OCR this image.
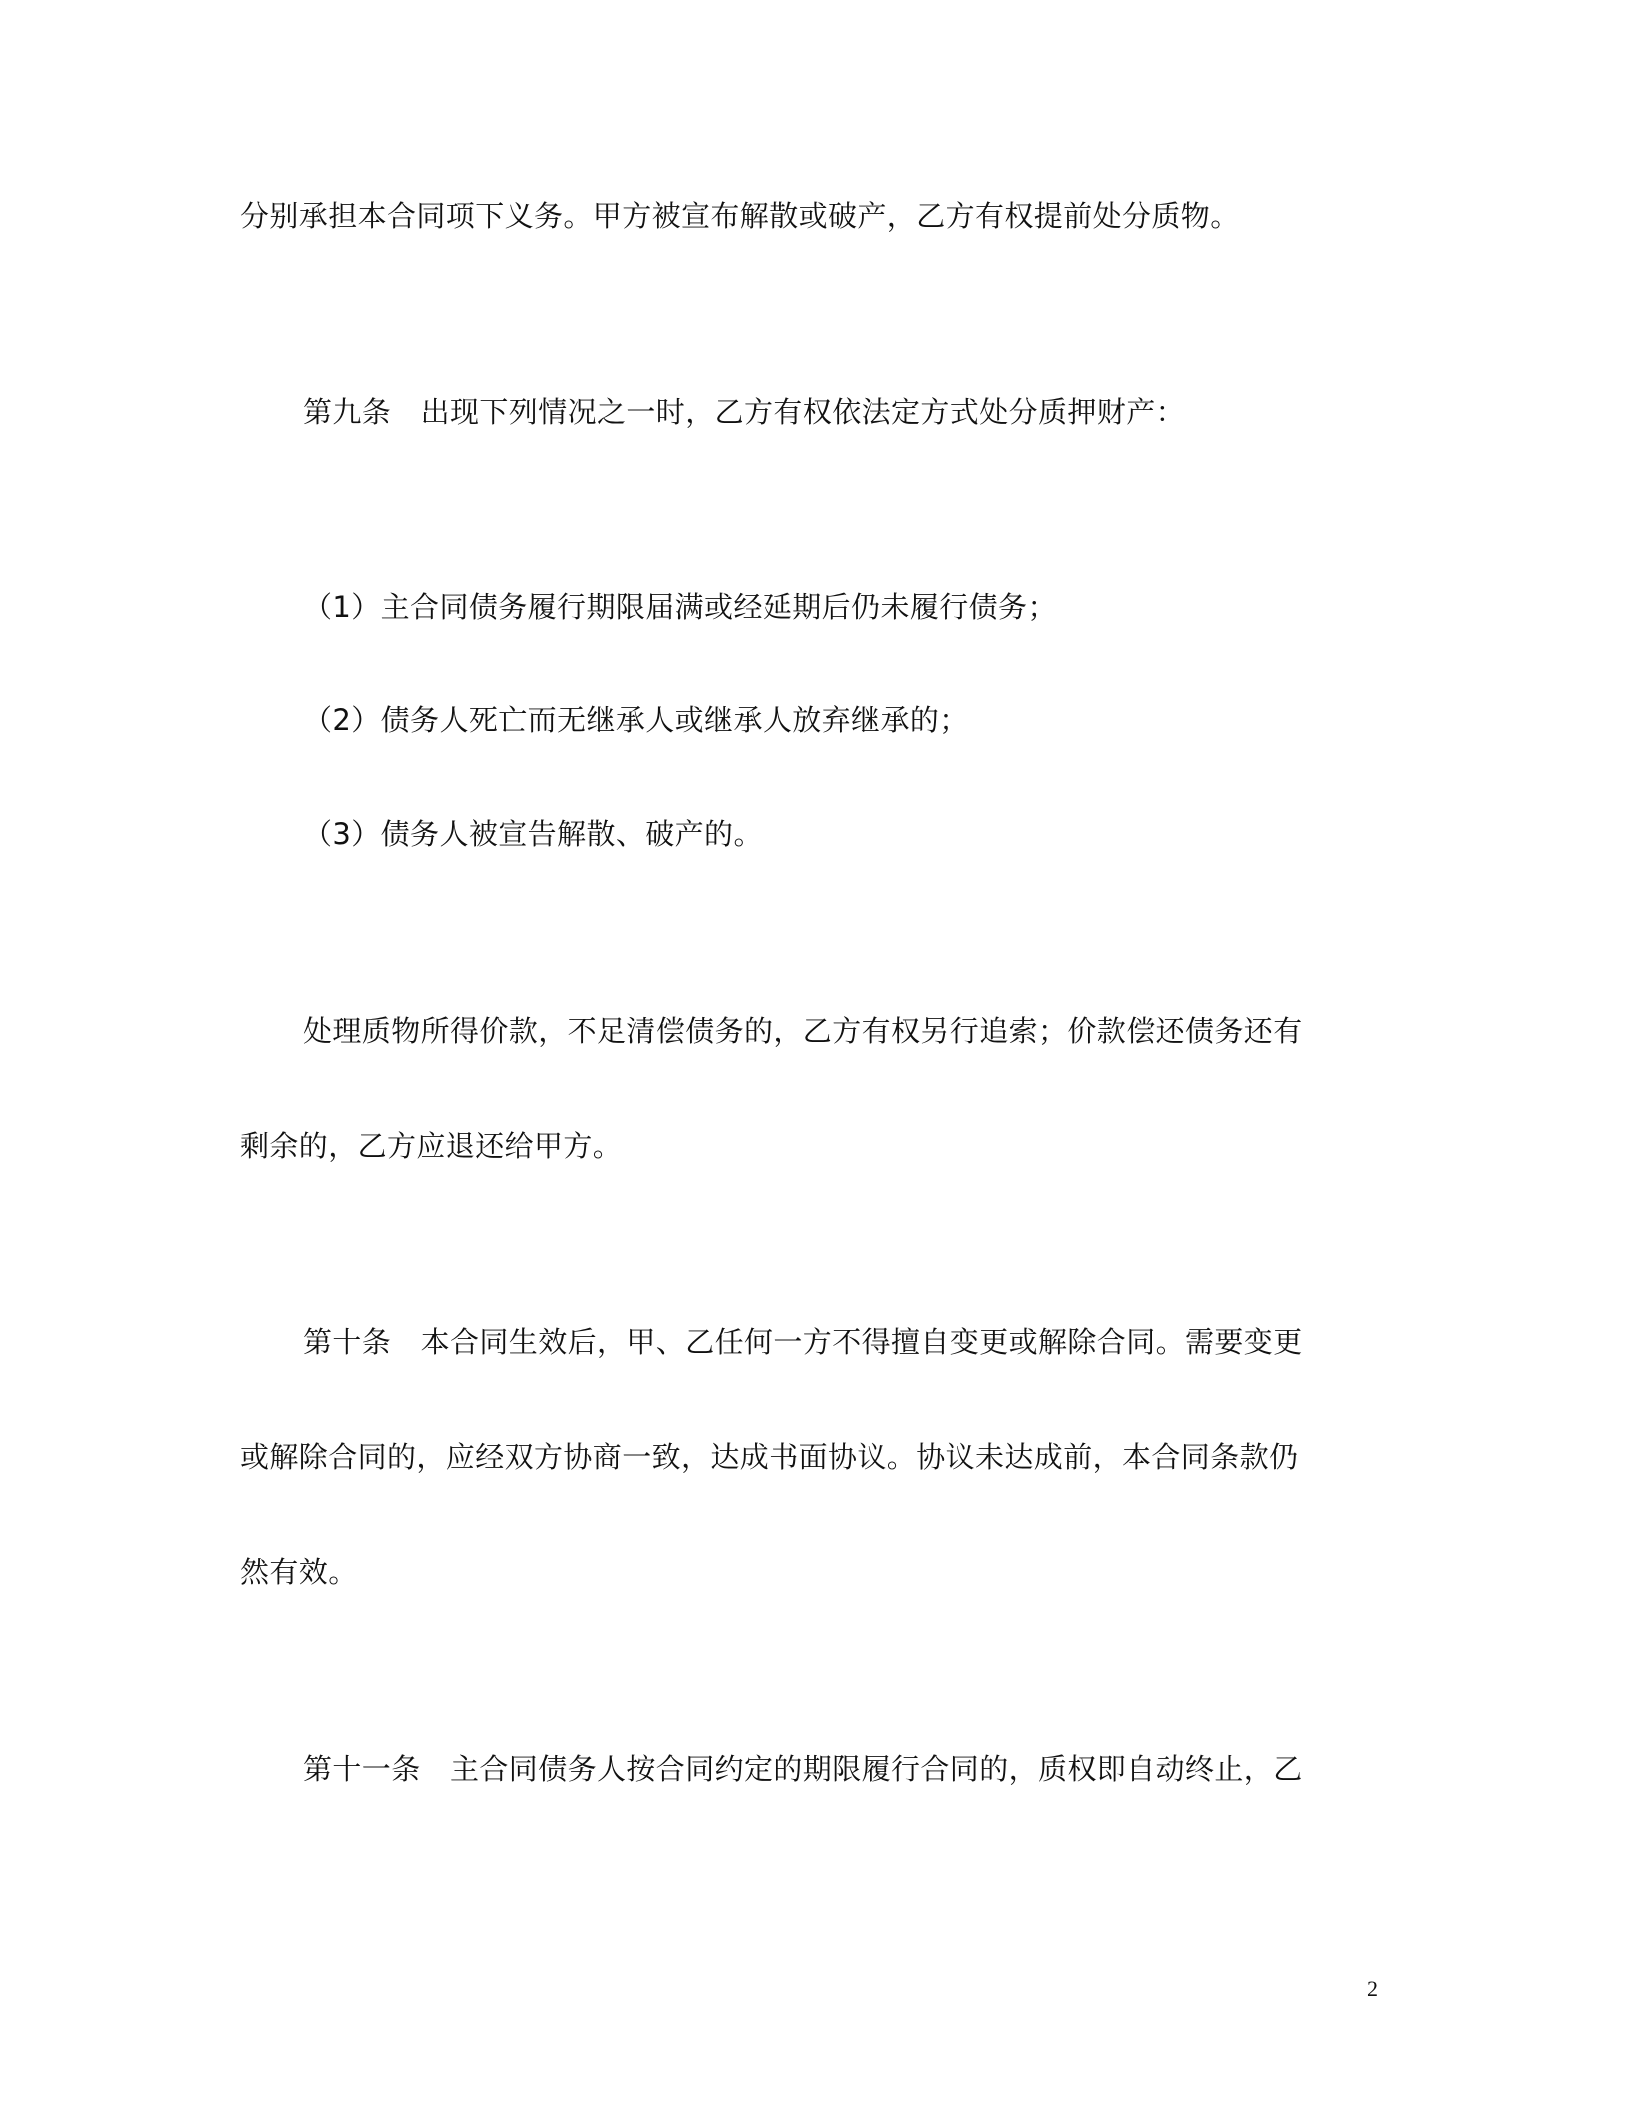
分别承担本合同项下义务。甲方被宣布解散或破产，乙方有权提前处分质物。
第九条　出现下列情况之一时，乙方有权依法定方式处分质押财产：
（1）主合同债务履行期限届满或经延期后仍未履行债务；
（2）债务人死亡而无继承人或继承人放弃继承的；
（3）债务人被宣告解散、破产的。
处理质物所得价款，不足清偿债务的，乙方有权另行追索；价款偿还债务还有
剩余的，乙方应退还给甲方。
第十条　本合同生效后，甲、乙任何一方不得擅自变更或解除合同。需要变更
或解除合同的，应经双方协商一致，达成书面协议。协议未达成前，本合同条款仍
然有效。
第十一条　主合同债务人按合同约定的期限履行合同的，质权即自动终止，乙
2
